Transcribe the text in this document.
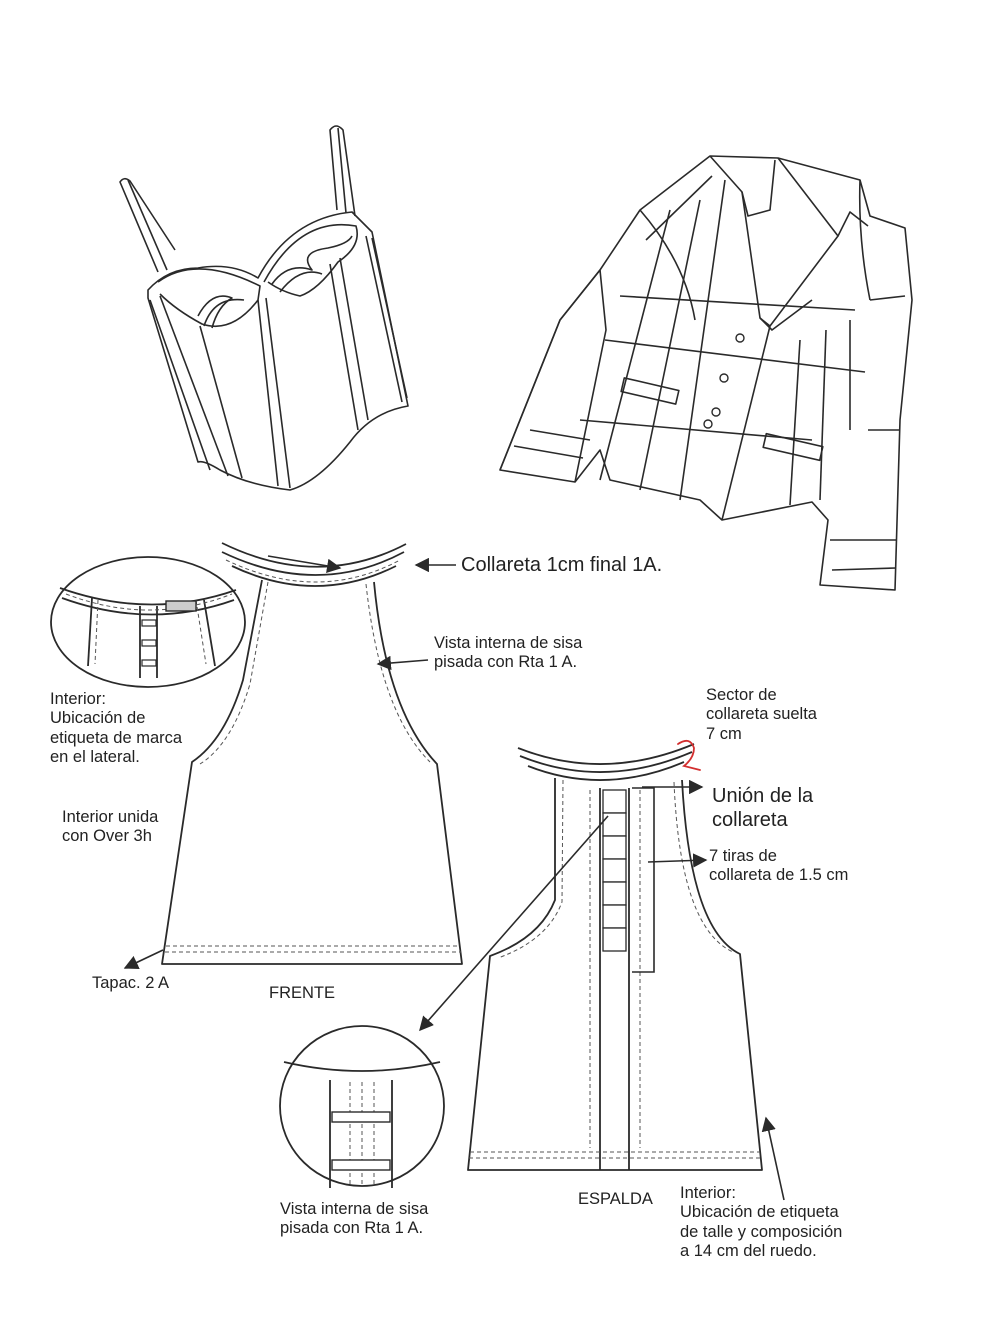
Collareta 1cm final 1A.
Vista interna de sisa
pisada con Rta 1 A.
Interior:
Ubicación de
etiqueta de marca
en el lateral.
Interior unida
con Over 3h
Tapac. 2 A
FRENTE
Sector de
collareta suelta
7 cm
Unión de la
collareta
7 tiras de
collareta de 1.5 cm
ESPALDA
Vista interna de sisa
pisada con Rta 1 A.
Interior:
Ubicación de etiqueta
de talle y composición
a 14 cm del ruedo.
